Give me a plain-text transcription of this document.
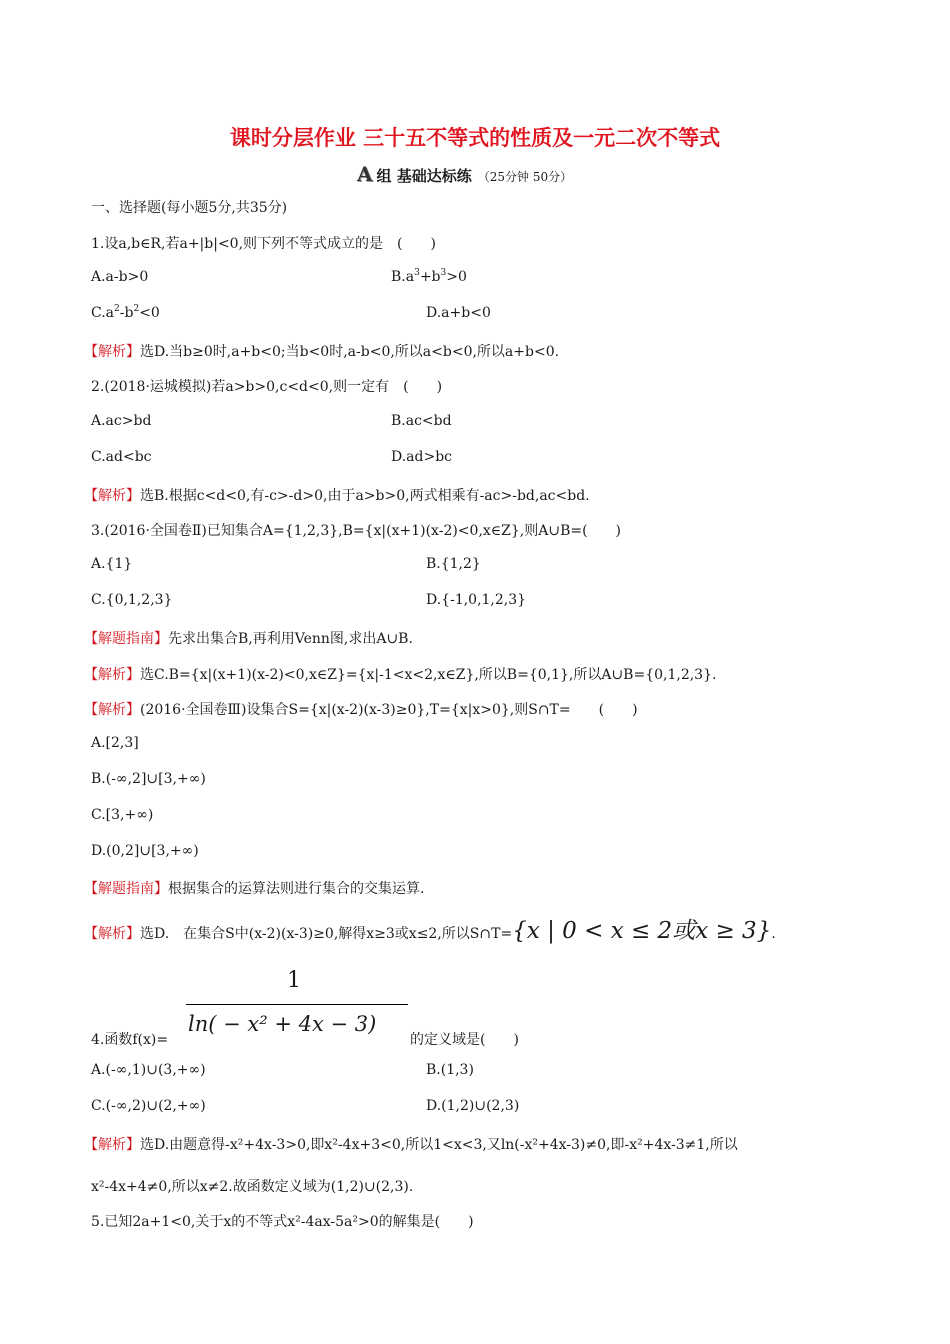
课时分层作业 三十五不等式的性质及一元二次不等式
A 组 基础达标练 （25分钟 50分）
一、选择题(每小题5分,共35分)
1.设a,b∈R,若a+|b|<0,则下列不等式成立的是　(　　)
A.a-b>0	$B.a^3+b^3>0$
$C.a^2-b^2<0$	D.a+b<0
【解析】选D.当b≥0时,a+b<0;当b<0时,a-b<0,所以a<b<0,所以a+b<0.
2.(2018·运城模拟)若a>b>0,c<d<0,则一定有　(　　)
A.ac>bd	B.ac<bd
C.ad<bc	D.ad>bc
【解析】选B.根据c<d<0,有-c>-d>0,由于a>b>0,两式相乘有-ac>-bd,ac<bd.
3.(2016·全国卷Ⅱ)已知集合A={1,2,3},B={x|(x+1)(x-2)<0,x∈Z},则A∪B=(　　)
A.{1}	B.{1,2}
C.{0,1,2,3}	D.{-1,0,1,2,3}
【解题指南】先求出集合B,再利用Venn图,求出A∪B.
【解析】选C.B={x|(x+1)(x-2)<0,x∈Z}={x|-1<x<2,x∈Z},所以B={0,1},所以A∪B={0,1,2,3}.
【解析】(2016·全国卷Ⅲ)设集合S={x|(x-2)(x-3)≥0},T={x|x>0},则S∩T=　　(　　)
A.[2,3]
B.(-∞,2]∪[3,+∞)
C.[3,+∞)
D.(0,2]∪[3,+∞)
【解题指南】根据集合的运算法则进行集合的交集运算.
【解析】选D.　在集合S中(x-2)(x-3)≥0,解得x≥3或x≤2,所以S∩T={x | 0 < x ≤ 2或x ≥ 3}.
1
ln( − x² + 4x − 3)
4.函数f(x)=	的定义域是(　　)
A.(-∞,1)∪(3,+∞)	B.(1,3)
C.(-∞,2)∪(2,+∞)	D.(1,2)∪(2,3)
【解析】选D.由题意得-x²+4x-3>0,即x²-4x+3<0,所以1<x<3,又ln(-x²+4x-3)≠0,即-x²+4x-3≠1,所以
x²-4x+4≠0,所以x≠2.故函数定义域为(1,2)∪(2,3).
5.已知2a+1<0,关于x的不等式x²-4ax-5a²>0的解集是(　　)
